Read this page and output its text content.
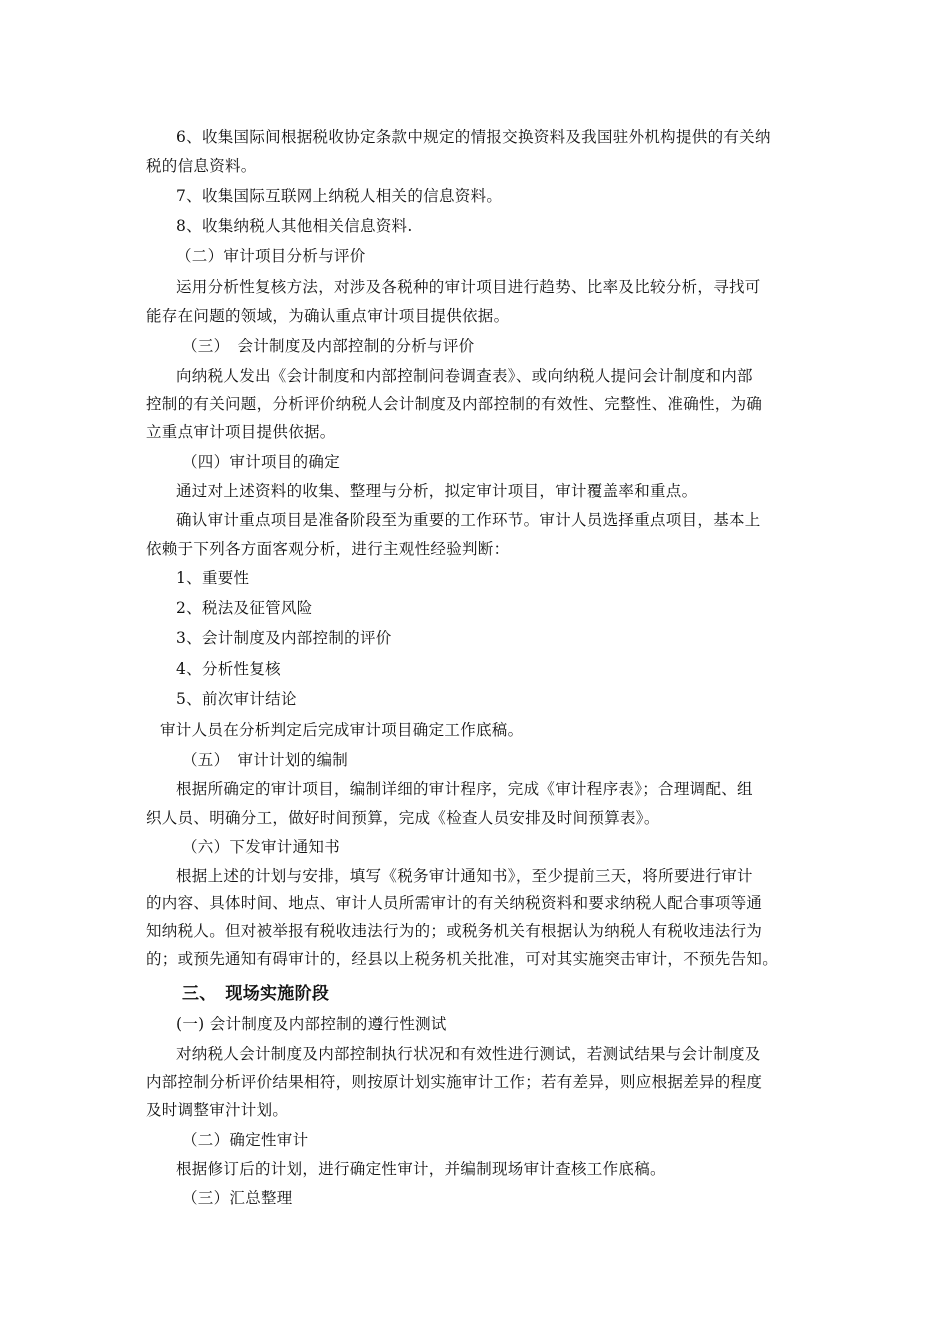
6、收集国际间根据税收协定条款中规定的情报交换资料及我国驻外机构提供的有关纳
税的信息资料。
7、收集国际互联网上纳税人相关的信息资料。
8、收集纳税人其他相关信息资料.
（二）审计项目分析与评价
运用分析性复核方法，对涉及各税种的审计项目进行趋势、比率及比较分析，寻找可
能存在问题的领域，为确认重点审计项目提供依据。
（三）　会计制度及内部控制的分析与评价
向纳税人发出《会计制度和内部控制问卷调查表》、或向纳税人提问会计制度和内部
控制的有关问题，分析评价纳税人会计制度及内部控制的有效性、完整性、准确性，为确
立重点审计项目提供依据。
（四）审计项目的确定
通过对上述资料的收集、整理与分析，拟定审计项目，审计覆盖率和重点。
确认审计重点项目是准备阶段至为重要的工作环节。审计人员选择重点项目，基本上
依赖于下列各方面客观分析，进行主观性经验判断：
1、重要性
2、税法及征管风险
3、会计制度及内部控制的评价
4、分析性复核
5、前次审计结论
审计人员在分析判定后完成审计项目确定工作底稿。
（五）　审计计划的编制
根据所确定的审计项目，编制详细的审计程序，完成《审计程序表》；合理调配、组
织人员、明确分工，做好时间预算，完成《检查人员安排及时间预算表》。
（六）下发审计通知书
根据上述的计划与安排，填写《税务审计通知书》，至少提前三天，将所要进行审计
的内容、具体时间、地点、审计人员所需审计的有关纳税资料和要求纳税人配合事项等通
知纳税人。但对被举报有税收违法行为的；或税务机关有根据认为纳税人有税收违法行为
的；或预先通知有碍审计的，经县以上税务机关批准，可对其实施突击审计，不预先告知。
三、　现场实施阶段
(一) 会计制度及内部控制的遵行性测试
对纳税人会计制度及内部控制执行状况和有效性进行测试，若测试结果与会计制度及
内部控制分析评价结果相符，则按原计划实施审计工作；若有差异，则应根据差异的程度
及时调整审汁计划。
（二）确定性审计
根据修订后的计划，进行确定性审计，并编制现场审计查核工作底稿。
（三）汇总整理
